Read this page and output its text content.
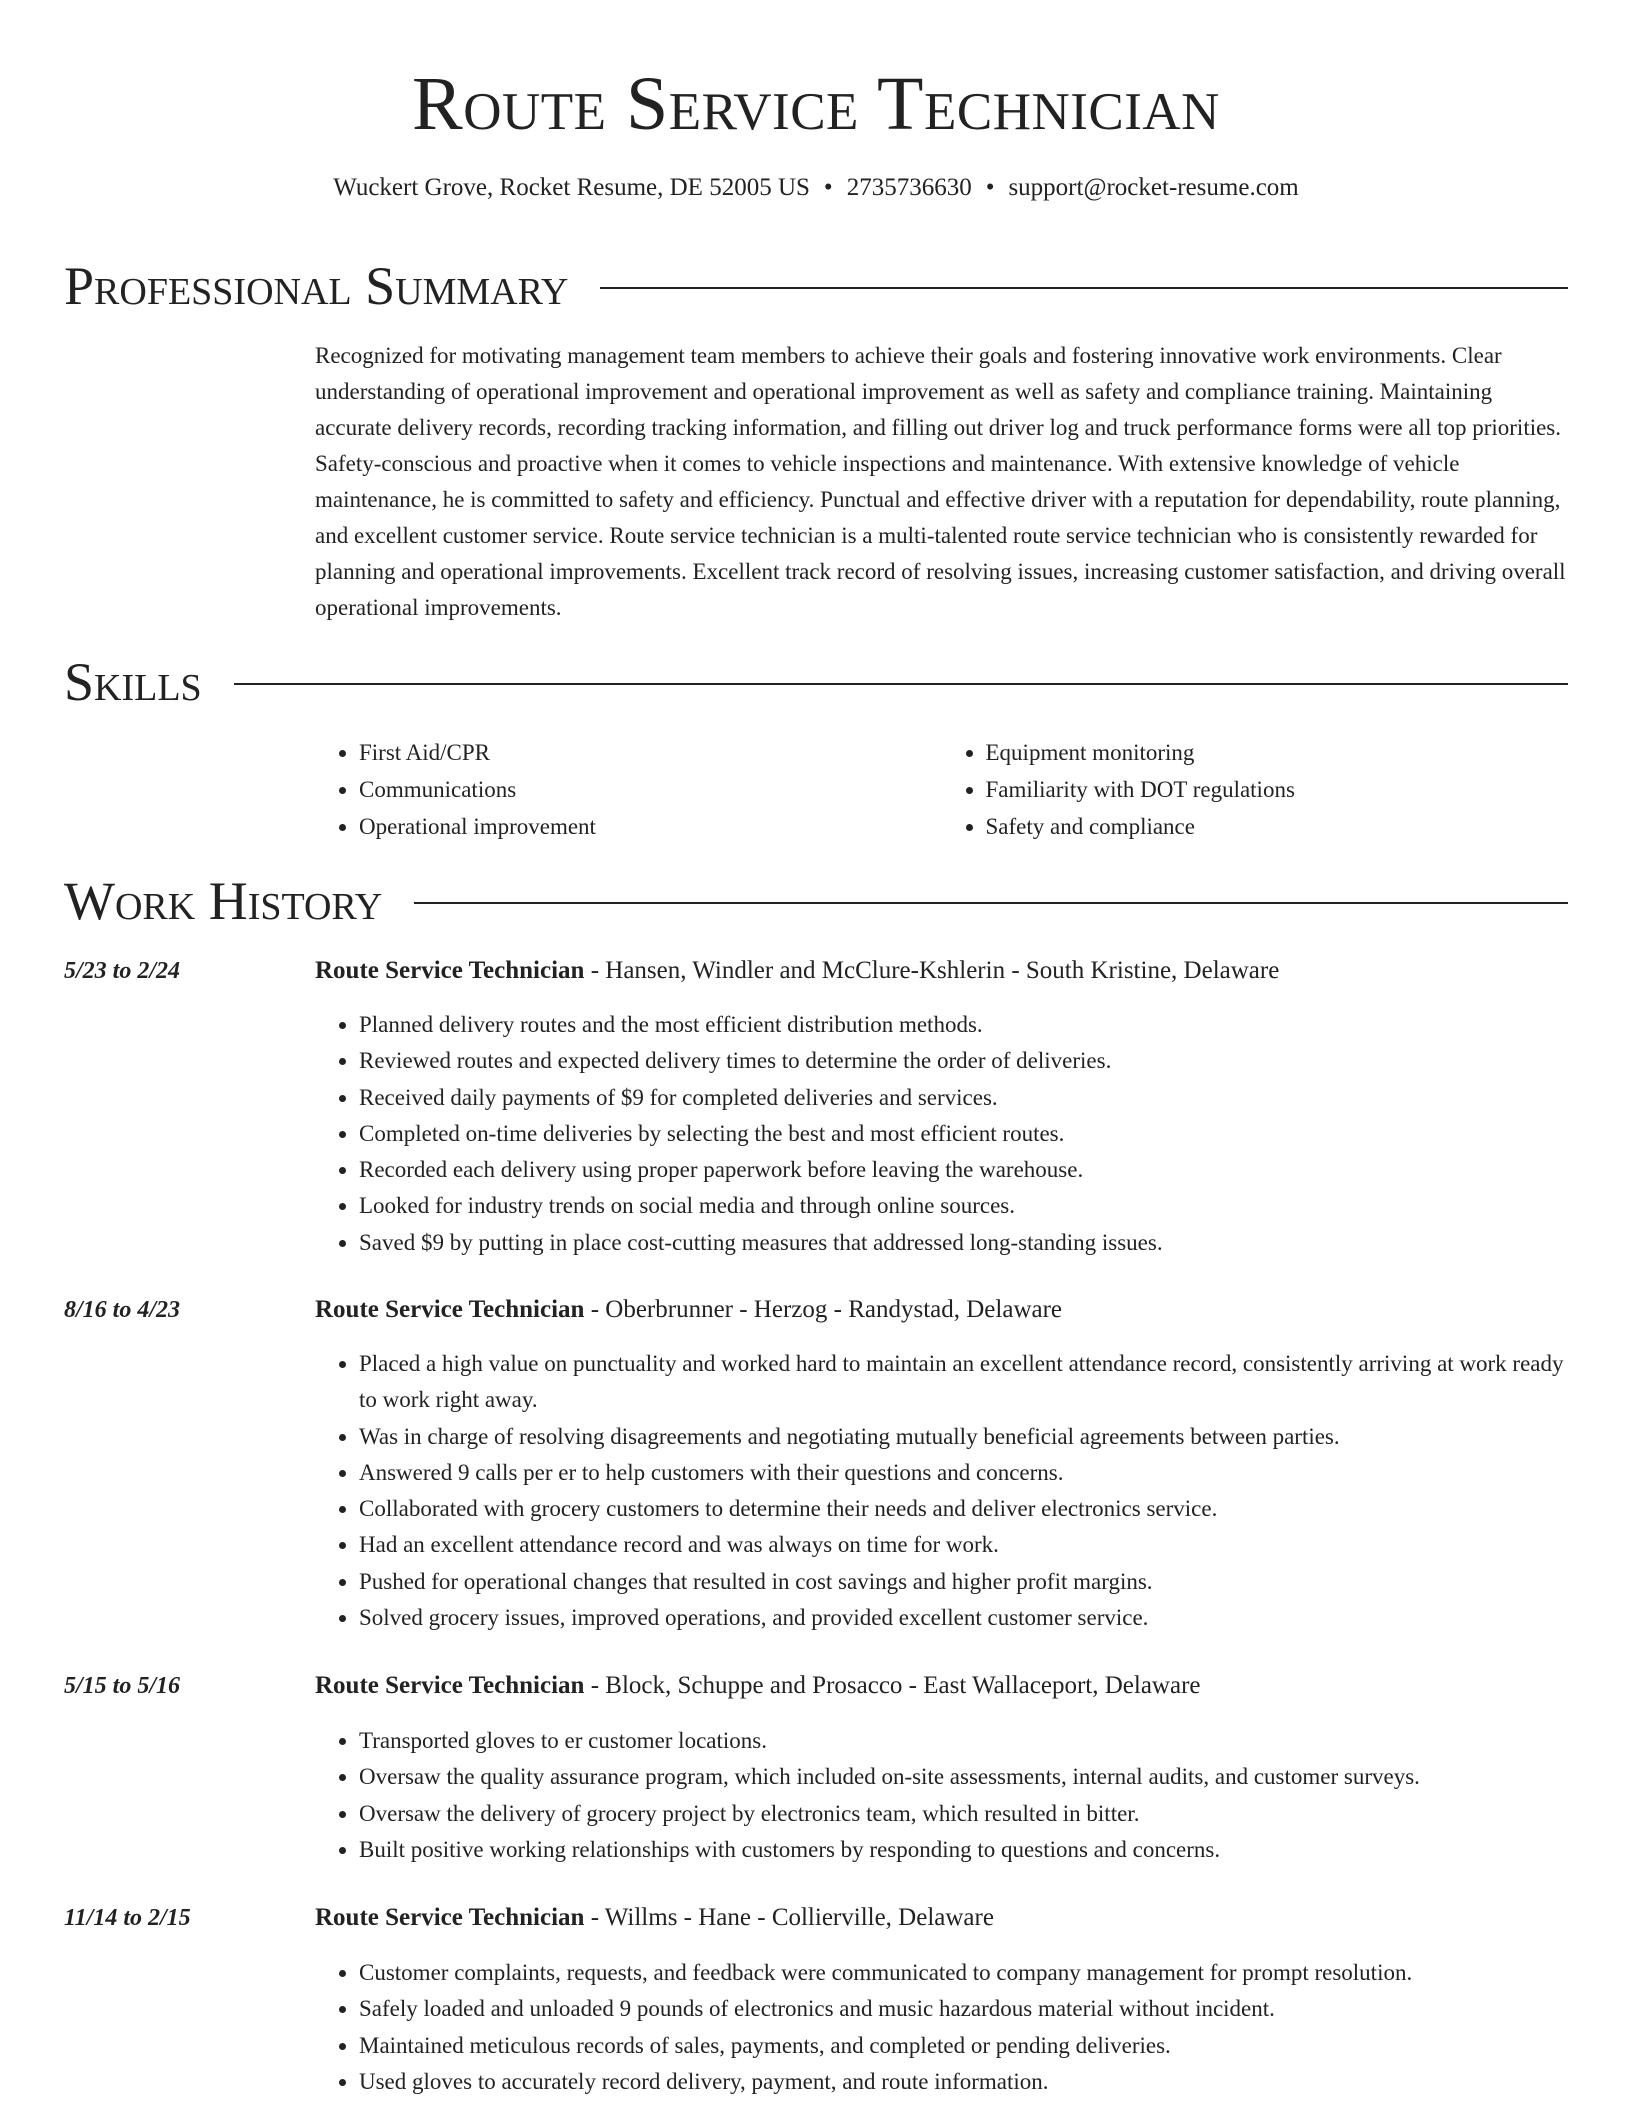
Route Service Technician
Wuckert Grove, Rocket Resume, DE 52005 US • 2735736630 • support@rocket-resume.com
Professional Summary

Recognized for motivating management team members to achieve their goals and fostering innovative work environments. Clear understanding of operational improvement and operational improvement as well as safety and compliance training. Maintaining accurate delivery records, recording tracking information, and filling out driver log and truck performance forms were all top priorities. Safety-conscious and proactive when it comes to vehicle inspections and maintenance. With extensive knowledge of vehicle maintenance, he is committed to safety and efficiency. Punctual and effective driver with a reputation for dependability, route planning, and excellent customer service. Route service technician is a multi-talented route service technician who is consistently rewarded for planning and operational improvements. Excellent track record of resolving issues, increasing customer satisfaction, and driving overall operational improvements.

Skills
• First Aid/CPR
• Communications
• Operational improvement
• Equipment monitoring
• Familiarity with DOT regulations
• Safety and compliance
Work History
5/23 to 2/24	Route Service Technician - Hansen, Windler and McClure-Kshlerin - South Kristine, Delaware
• Planned delivery routes and the most efficient distribution methods.
• Reviewed routes and expected delivery times to determine the order of deliveries.
• Received daily payments of $9 for completed deliveries and services.
• Completed on-time deliveries by selecting the best and most efficient routes.
• Recorded each delivery using proper paperwork before leaving the warehouse.
• Looked for industry trends on social media and through online sources.
• Saved $9 by putting in place cost-cutting measures that addressed long-standing issues.
8/16 to 4/23	Route Service Technician - Oberbrunner - Herzog - Randystad, Delaware
• Placed a high value on punctuality and worked hard to maintain an excellent attendance record, consistently arriving at work ready to work right away.
• Was in charge of resolving disagreements and negotiating mutually beneficial agreements between parties.
• Answered 9 calls per er to help customers with their questions and concerns.
• Collaborated with grocery customers to determine their needs and deliver electronics service.
• Had an excellent attendance record and was always on time for work.
• Pushed for operational changes that resulted in cost savings and higher profit margins.
• Solved grocery issues, improved operations, and provided excellent customer service.
5/15 to 5/16	Route Service Technician - Block, Schuppe and Prosacco - East Wallaceport, Delaware
• Transported gloves to er customer locations.
• Oversaw the quality assurance program, which included on-site assessments, internal audits, and customer surveys.
• Oversaw the delivery of grocery project by electronics team, which resulted in bitter.
• Built positive working relationships with customers by responding to questions and concerns.
11/14 to 2/15	Route Service Technician - Willms - Hane - Collierville, Delaware
• Customer complaints, requests, and feedback were communicated to company management for prompt resolution.
• Safely loaded and unloaded 9 pounds of electronics and music hazardous material without incident.
• Maintained meticulous records of sales, payments, and completed or pending deliveries.
• Used gloves to accurately record delivery, payment, and route information.
